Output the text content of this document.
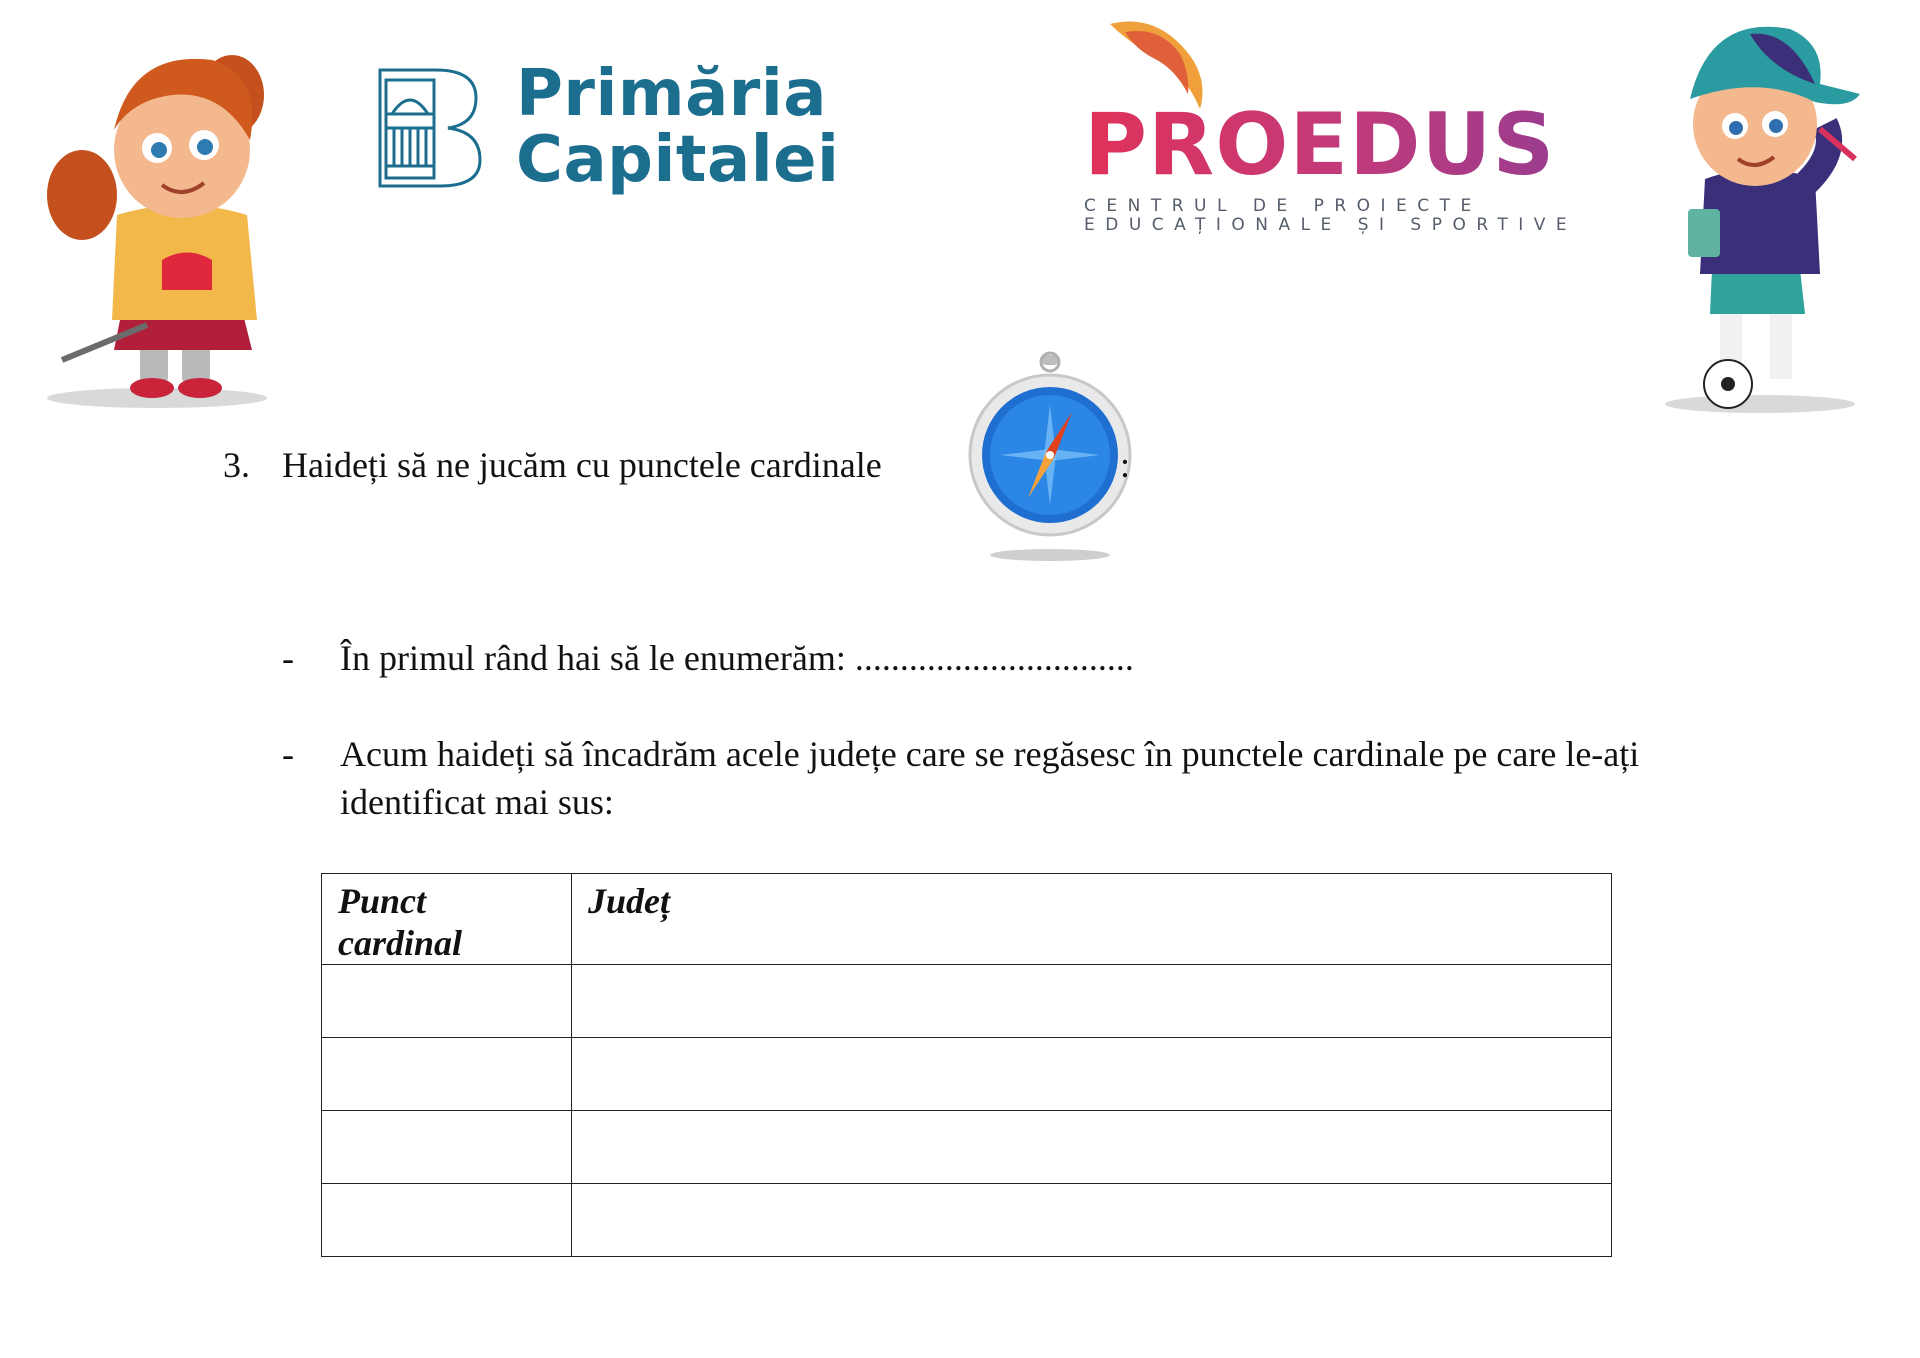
Primăria
Capitalei	PROEDUS
CENTRUL DE PROIECTE
EDUCAȚIONALE ȘI SPORTIVE
3. Haideți să ne jucăm cu punctele cardinale	:
- În primul rând hai să le enumerăm: ...............................
- Acum haideți să încadrăm acele județe care se regăsesc în punctele cardinale pe care le-ați
identificat mai sus:
Punct cardinal	Județ
